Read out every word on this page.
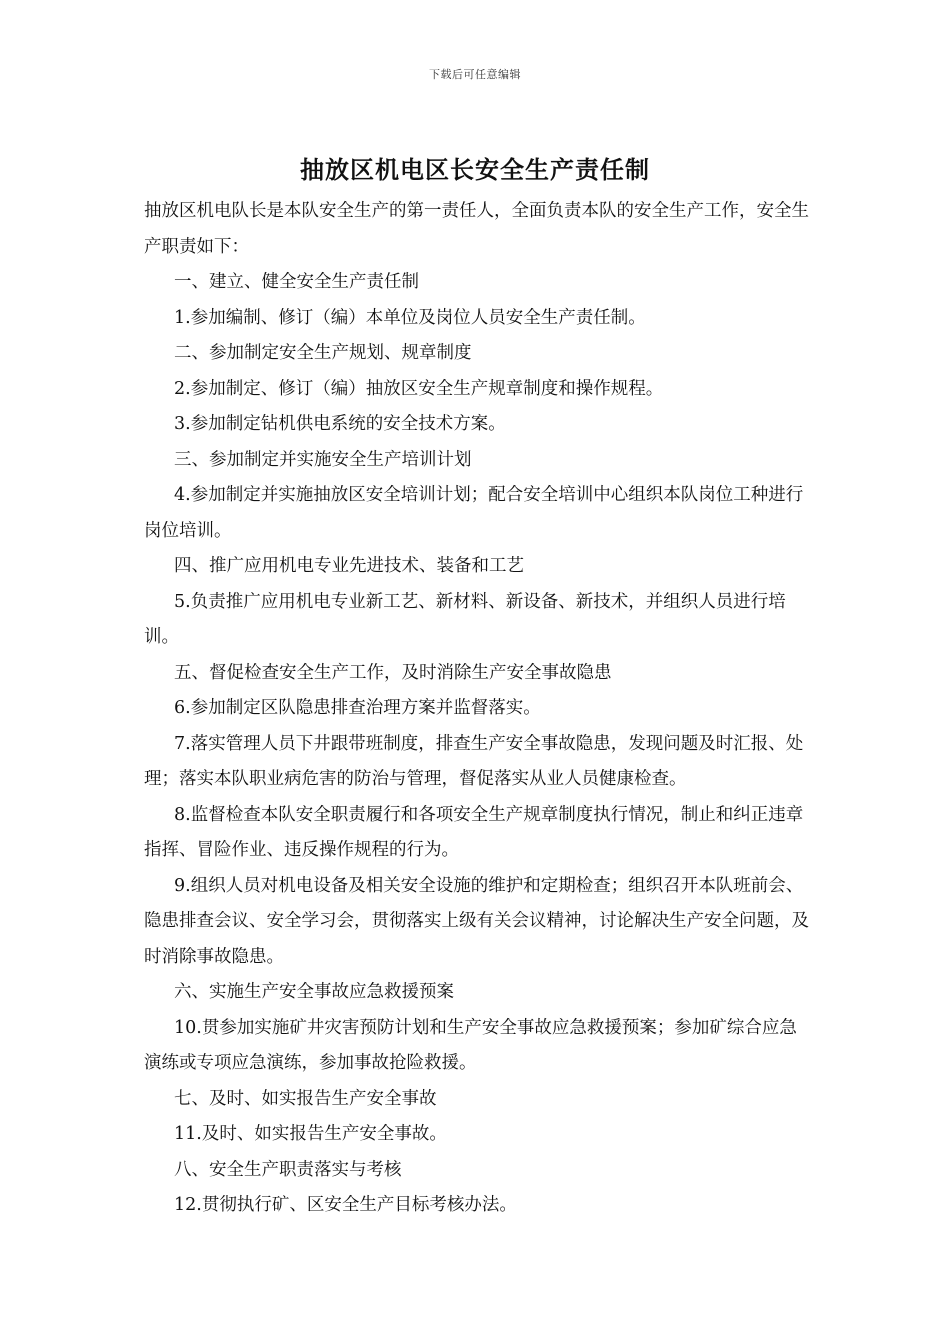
下载后可任意编辑
抽放区机电区长安全生产责任制

抽放区机电队长是本队安全生产的第一责任人，全面负责本队的安全生产工作，安全生产职责如下：

一、建立、健全安全生产责任制

1.参加编制、修订（编）本单位及岗位人员安全生产责任制。

二、参加制定安全生产规划、规章制度

2.参加制定、修订（编）抽放区安全生产规章制度和操作规程。

3.参加制定钻机供电系统的安全技术方案。

三、参加制定并实施安全生产培训计划

4.参加制定并实施抽放区安全培训计划；配合安全培训中心组织本队岗位工种进行岗位培训。

四、推广应用机电专业先进技术、装备和工艺

5.负责推广应用机电专业新工艺、新材料、新设备、新技术，并组织人员进行培训。

五、督促检查安全生产工作，及时消除生产安全事故隐患

6.参加制定区队隐患排查治理方案并监督落实。

7.落实管理人员下井跟带班制度，排查生产安全事故隐患，发现问题及时汇报、处理；落实本队职业病危害的防治与管理，督促落实从业人员健康检查。

8.监督检查本队安全职责履行和各项安全生产规章制度执行情况，制止和纠正违章指挥、冒险作业、违反操作规程的行为。

9.组织人员对机电设备及相关安全设施的维护和定期检查；组织召开本队班前会、隐患排查会议、安全学习会，贯彻落实上级有关会议精神，讨论解决生产安全问题，及时消除事故隐患。

六、实施生产安全事故应急救援预案

10.贯参加实施矿井灾害预防计划和生产安全事故应急救援预案；参加矿综合应急演练或专项应急演练，参加事故抢险救援。

七、及时、如实报告生产安全事故

11.及时、如实报告生产安全事故。

八、安全生产职责落实与考核

12.贯彻执行矿、区安全生产目标考核办法。
